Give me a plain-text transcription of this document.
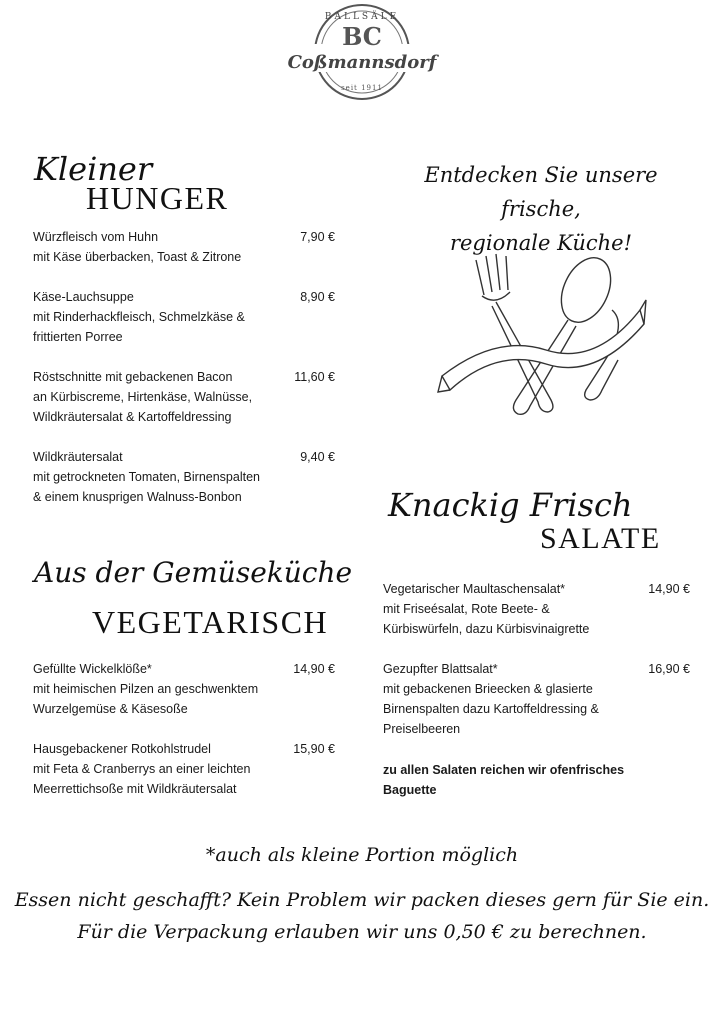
BALLSÄLE
BC
Coßmannsdorf
seit 1911
Kleiner
HUNGER
Würzfleisch vom Huhn	7,90 €
mit Käse überbacken, Toast & Zitrone
Käse-Lauchsuppe	8,90 €
mit Rinderhackfleisch, Schmelzkäse &
frittierten Porree
Röstschnitte mit gebackenen Bacon	11,60 €
an Kürbiscreme, Hirtenkäse, Walnüsse,
Wildkräutersalat & Kartoffeldressing
Wildkräutersalat	9,40 €
mit getrockneten Tomaten, Birnenspalten
& einem knusprigen Walnuss-Bonbon
Entdecken Sie unsere frische,
regionale Küche!
Knackig Frisch
SALATE
Vegetarischer Maultaschensalat*	14,90 €
mit Friseésalat, Rote Beete- &
Kürbiswürfeln, dazu Kürbisvinaigrette
Gezupfter Blattsalat*	16,90 €
mit gebackenen Brieecken & glasierte
Birnenspalten dazu Kartoffeldressing &
Preiselbeeren
zu allen Salaten reichen wir ofenfrisches
Baguette
Aus der Gemüseküche
VEGETARISCH
Gefüllte Wickelklöße*	14,90 €
mit heimischen Pilzen an geschwenktem
Wurzelgemüse & Käsesoße
Hausgebackener Rotkohlstrudel	15,90 €
mit Feta & Cranberrys an einer leichten
Meerrettichsoße mit Wildkräutersalat
*auch als kleine Portion möglich
Essen nicht geschafft? Kein Problem wir packen dieses gern für Sie ein.
Für die Verpackung erlauben wir uns 0,50 € zu berechnen.
